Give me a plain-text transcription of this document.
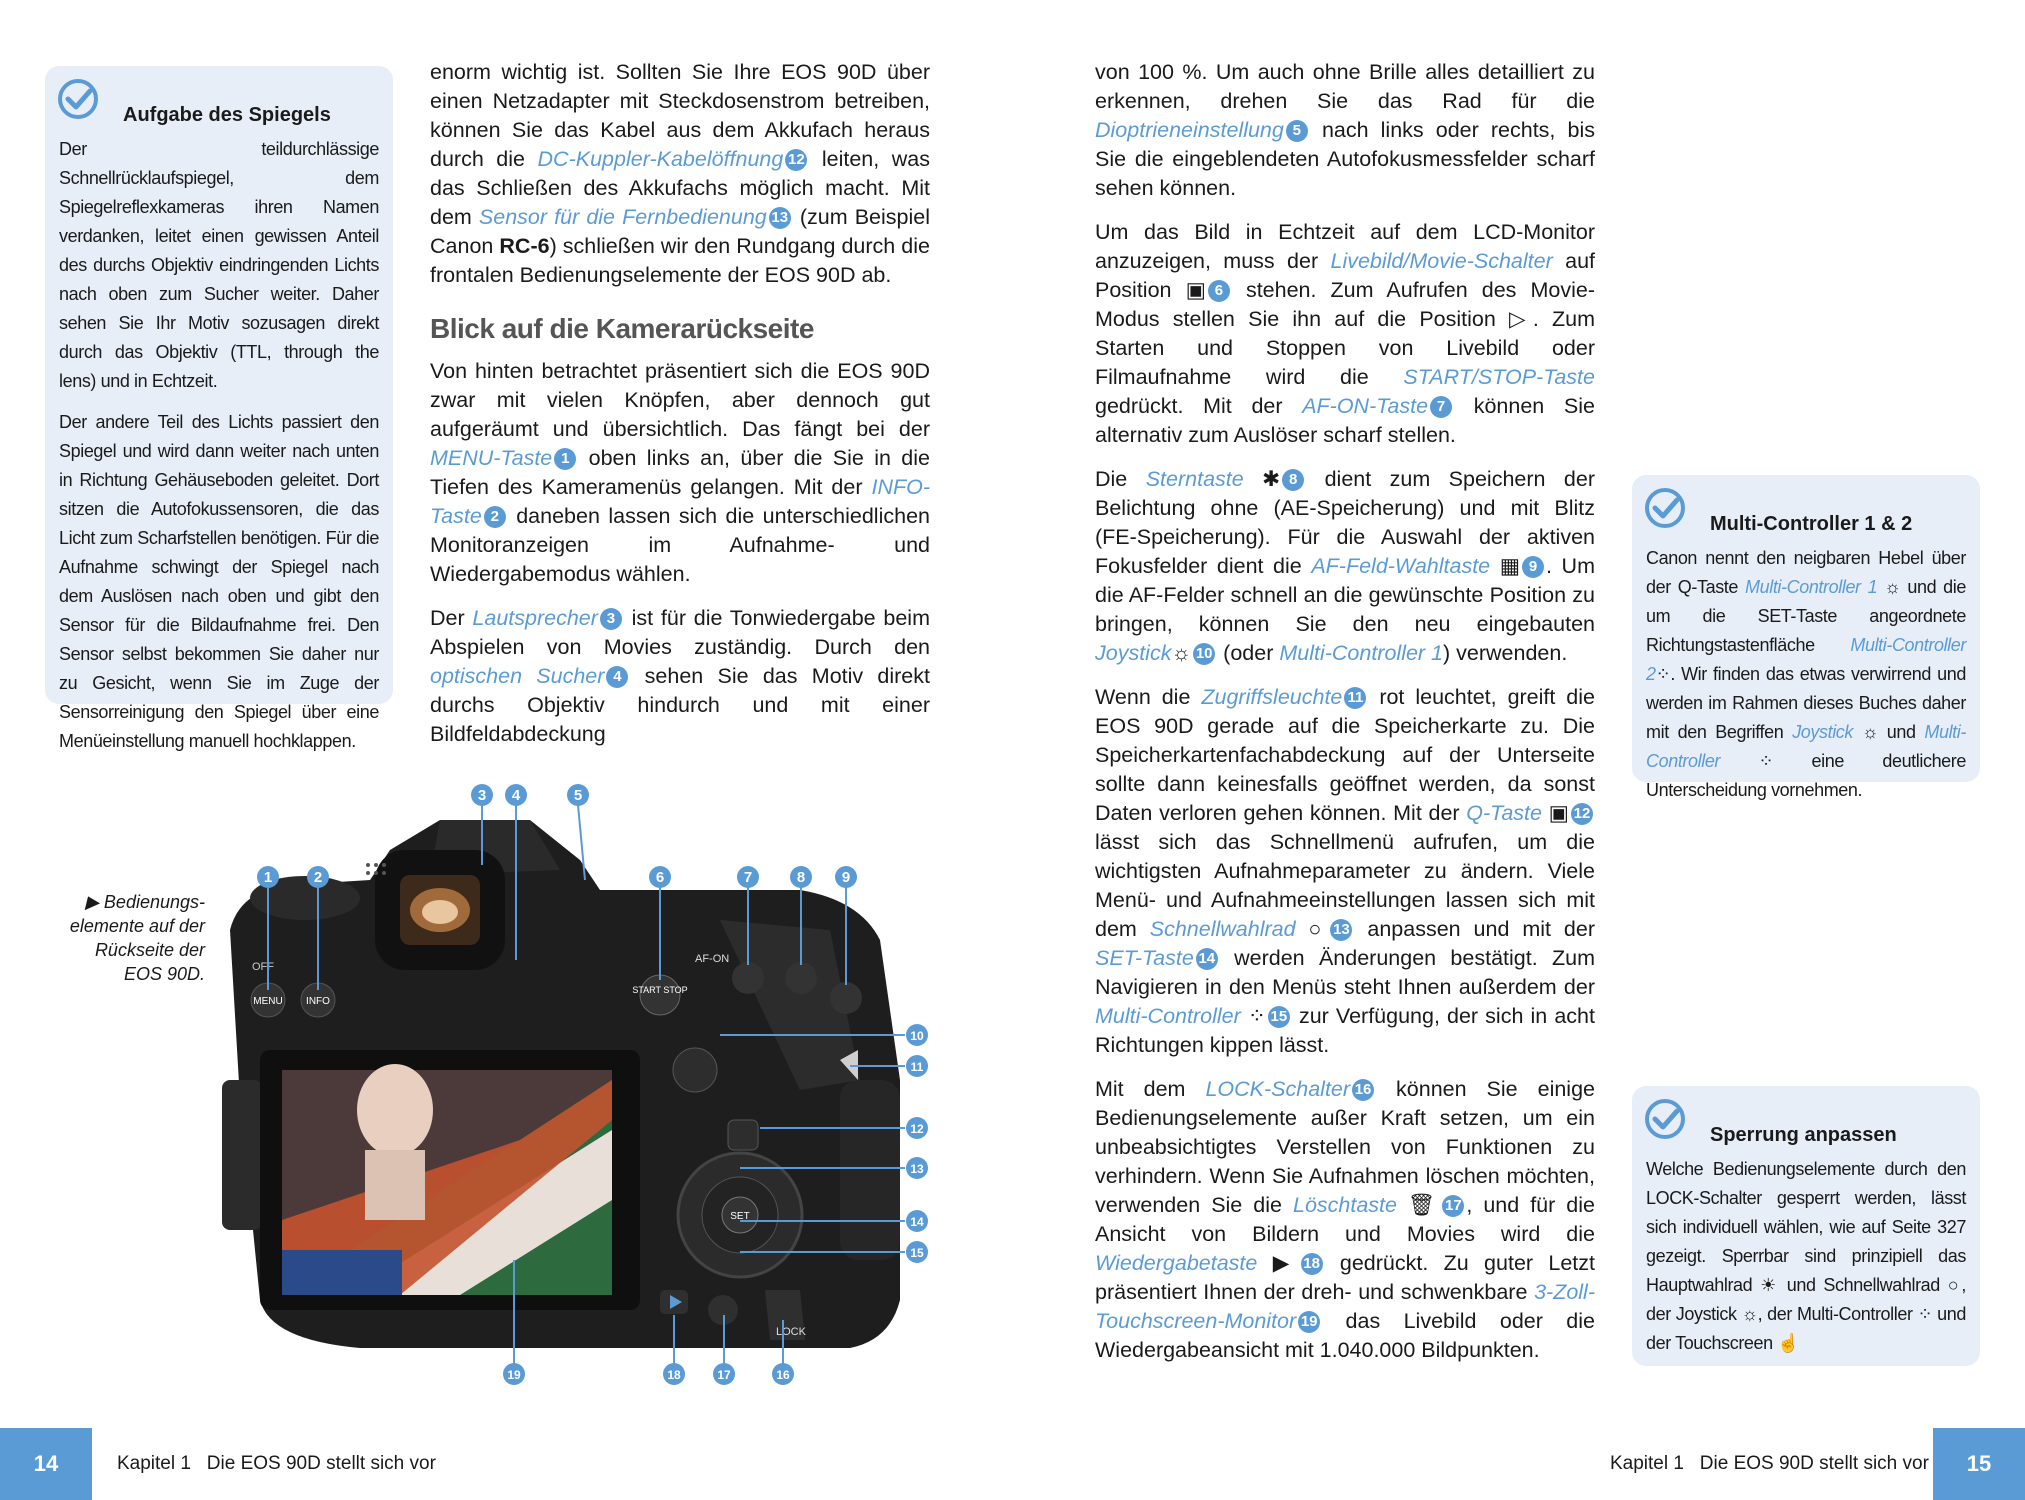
Aufgabe des Spiegels

Der teildurchlässige Schnellrücklaufspiegel, dem Spiegelreflexkameras ihren Namen verdanken, leitet einen gewissen Anteil des durchs Objektiv eindringenden Lichts nach oben zum Sucher weiter. Daher sehen Sie Ihr Motiv sozusagen direkt durch das Objektiv (TTL, through the lens) und in Echtzeit.

Der andere Teil des Lichts passiert den Spiegel und wird dann weiter nach unten in Richtung Gehäuseboden geleitet. Dort sitzen die Autofokussensoren, die das Licht zum Scharfstellen benötigen. Für die Aufnahme schwingt der Spiegel nach dem Auslösen nach oben und gibt den Sensor für die Bildaufnahme frei. Den Sensor selbst bekommen Sie daher nur zu Gesicht, wenn Sie im Zuge der Sensorreinigung den Spiegel über eine Menüeinstellung manuell hochklappen.

enorm wichtig ist. Sollten Sie Ihre EOS 90D über einen Netzadapter mit Steckdosenstrom betreiben, können Sie das Kabel aus dem Akkufach heraus durch die DC-Kuppler-Kabelöffnung 12 leiten, was das Schließen des Akkufachs möglich macht. Mit dem Sensor für die Fernbedienung 13 (zum Beispiel Canon RC-6) schließen wir den Rundgang durch die frontalen Bedienungselemente der EOS 90D ab.

Blick auf die Kamerarückseite

Von hinten betrachtet präsentiert sich die EOS 90D zwar mit vielen Knöpfen, aber dennoch gut aufgeräumt und übersichtlich. Das fängt bei der MENU-Taste 1 oben links an, über die Sie in die Tiefen des Kameramenüs gelangen. Mit der INFO-Taste 2 daneben lassen sich die unterschiedlichen Monitoranzeigen im Aufnahme- und Wiedergabemodus wählen.

Der Lautsprecher 3 ist für die Tonwiedergabe beim Abspielen von Movies zuständig. Durch den optischen Sucher 4 sehen Sie das Motiv direkt durchs Objektiv hindurch und mit einer Bildfeldabdeckung

▶ Bedienungs-elemente auf der Rückseite der EOS 90D.	OFF
MENU INFO
START STOP
AF-ON
SET
LOCK
1	2
3 4	5
6	7	8 9
10
11
12
13
14
15
16
17
18
19

von 100 %. Um auch ohne Brille alles detailliert zu erkennen, drehen Sie das Rad für die Dioptrieneinstellung 5 nach links oder rechts, bis Sie die eingeblendeten Autofokusmessfelder scharf sehen können.

Um das Bild in Echtzeit auf dem LCD-Monitor anzuzeigen, muss der Livebild/Movie-Schalter auf Position ▣ 6 stehen. Zum Aufrufen des Movie-Modus stellen Sie ihn auf die Position ▷. Zum Starten und Stoppen von Livebild oder Filmaufnahme wird die START/STOP-Taste gedrückt. Mit der AF-ON-Taste 7 können Sie alternativ zum Auslöser scharf stellen.

Die Sterntaste ✱ 8 dient zum Speichern der Belichtung ohne (AE-Speicherung) und mit Blitz (FE-Speicherung). Für die Auswahl der aktiven Fokusfelder dient die AF-Feld-Wahltaste ▦ 9 . Um die AF-Felder schnell an die gewünschte Position zu bringen, können Sie den neu eingebauten Joystick☼ 10 (oder Multi-Controller 1) verwenden.

Wenn die Zugriffsleuchte 11 rot leuchtet, greift die EOS 90D gerade auf die Speicherkarte zu. Die Speicherkartenfachabdeckung auf der Unterseite sollte dann keinesfalls geöffnet werden, da sonst Daten verloren gehen können. Mit der Q-Taste ▣ 12 lässt sich das Schnellmenü aufrufen, um die wichtigsten Aufnahmeparameter zu ändern. Viele Menü- und Aufnahmeeinstellungen lassen sich mit dem Schnellwahlrad ○ 13 anpassen und mit der SET-Taste 14 werden Änderungen bestätigt. Zum Navigieren in den Menüs steht Ihnen außerdem der Multi-Controller ⁘ 15 zur Verfügung, der sich in acht Richtungen kippen lässt.

Mit dem LOCK-Schalter 16 können Sie einige Bedienungselemente außer Kraft setzen, um ein unbeabsichtigtes Verstellen von Funktionen zu verhindern. Wenn Sie Aufnahmen löschen möchten, verwenden Sie die Löschtaste 🗑 17 , und für die Ansicht von Bildern und Movies wird die Wiedergabetaste ▶ 18 gedrückt. Zu guter Letzt präsentiert Ihnen der dreh- und schwenkbare 3-Zoll-Touchscreen-Monitor 19 das Livebild oder die Wiedergabeansicht mit 1.040.000 Bildpunkten.

Multi-Controller 1 & 2

Canon nennt den neigbaren Hebel über der Q-Taste Multi-Controller 1 ☼ und die um die SET-Taste angeordnete Richtungstastenfläche Multi-Controller 2⁘. Wir finden das etwas verwirrend und werden im Rahmen dieses Buches daher mit den Begriffen Joystick ☼ und Multi-Controller ⁘ eine deutlichere Unterscheidung vornehmen.

Sperrung anpassen

Welche Bedienungselemente durch den LOCK-Schalter gesperrt werden, lässt sich individuell wählen, wie auf Seite 327 gezeigt. Sperrbar sind prinzipiell das Hauptwahlrad ☀ und Schnellwahlrad ○, der Joystick ☼, der Multi-Controller ⁘ und der Touchscreen ☝

14	Kapitel 1   Die EOS 90D stellt sich vor	Kapitel 1   Die EOS 90D stellt sich vor	15
